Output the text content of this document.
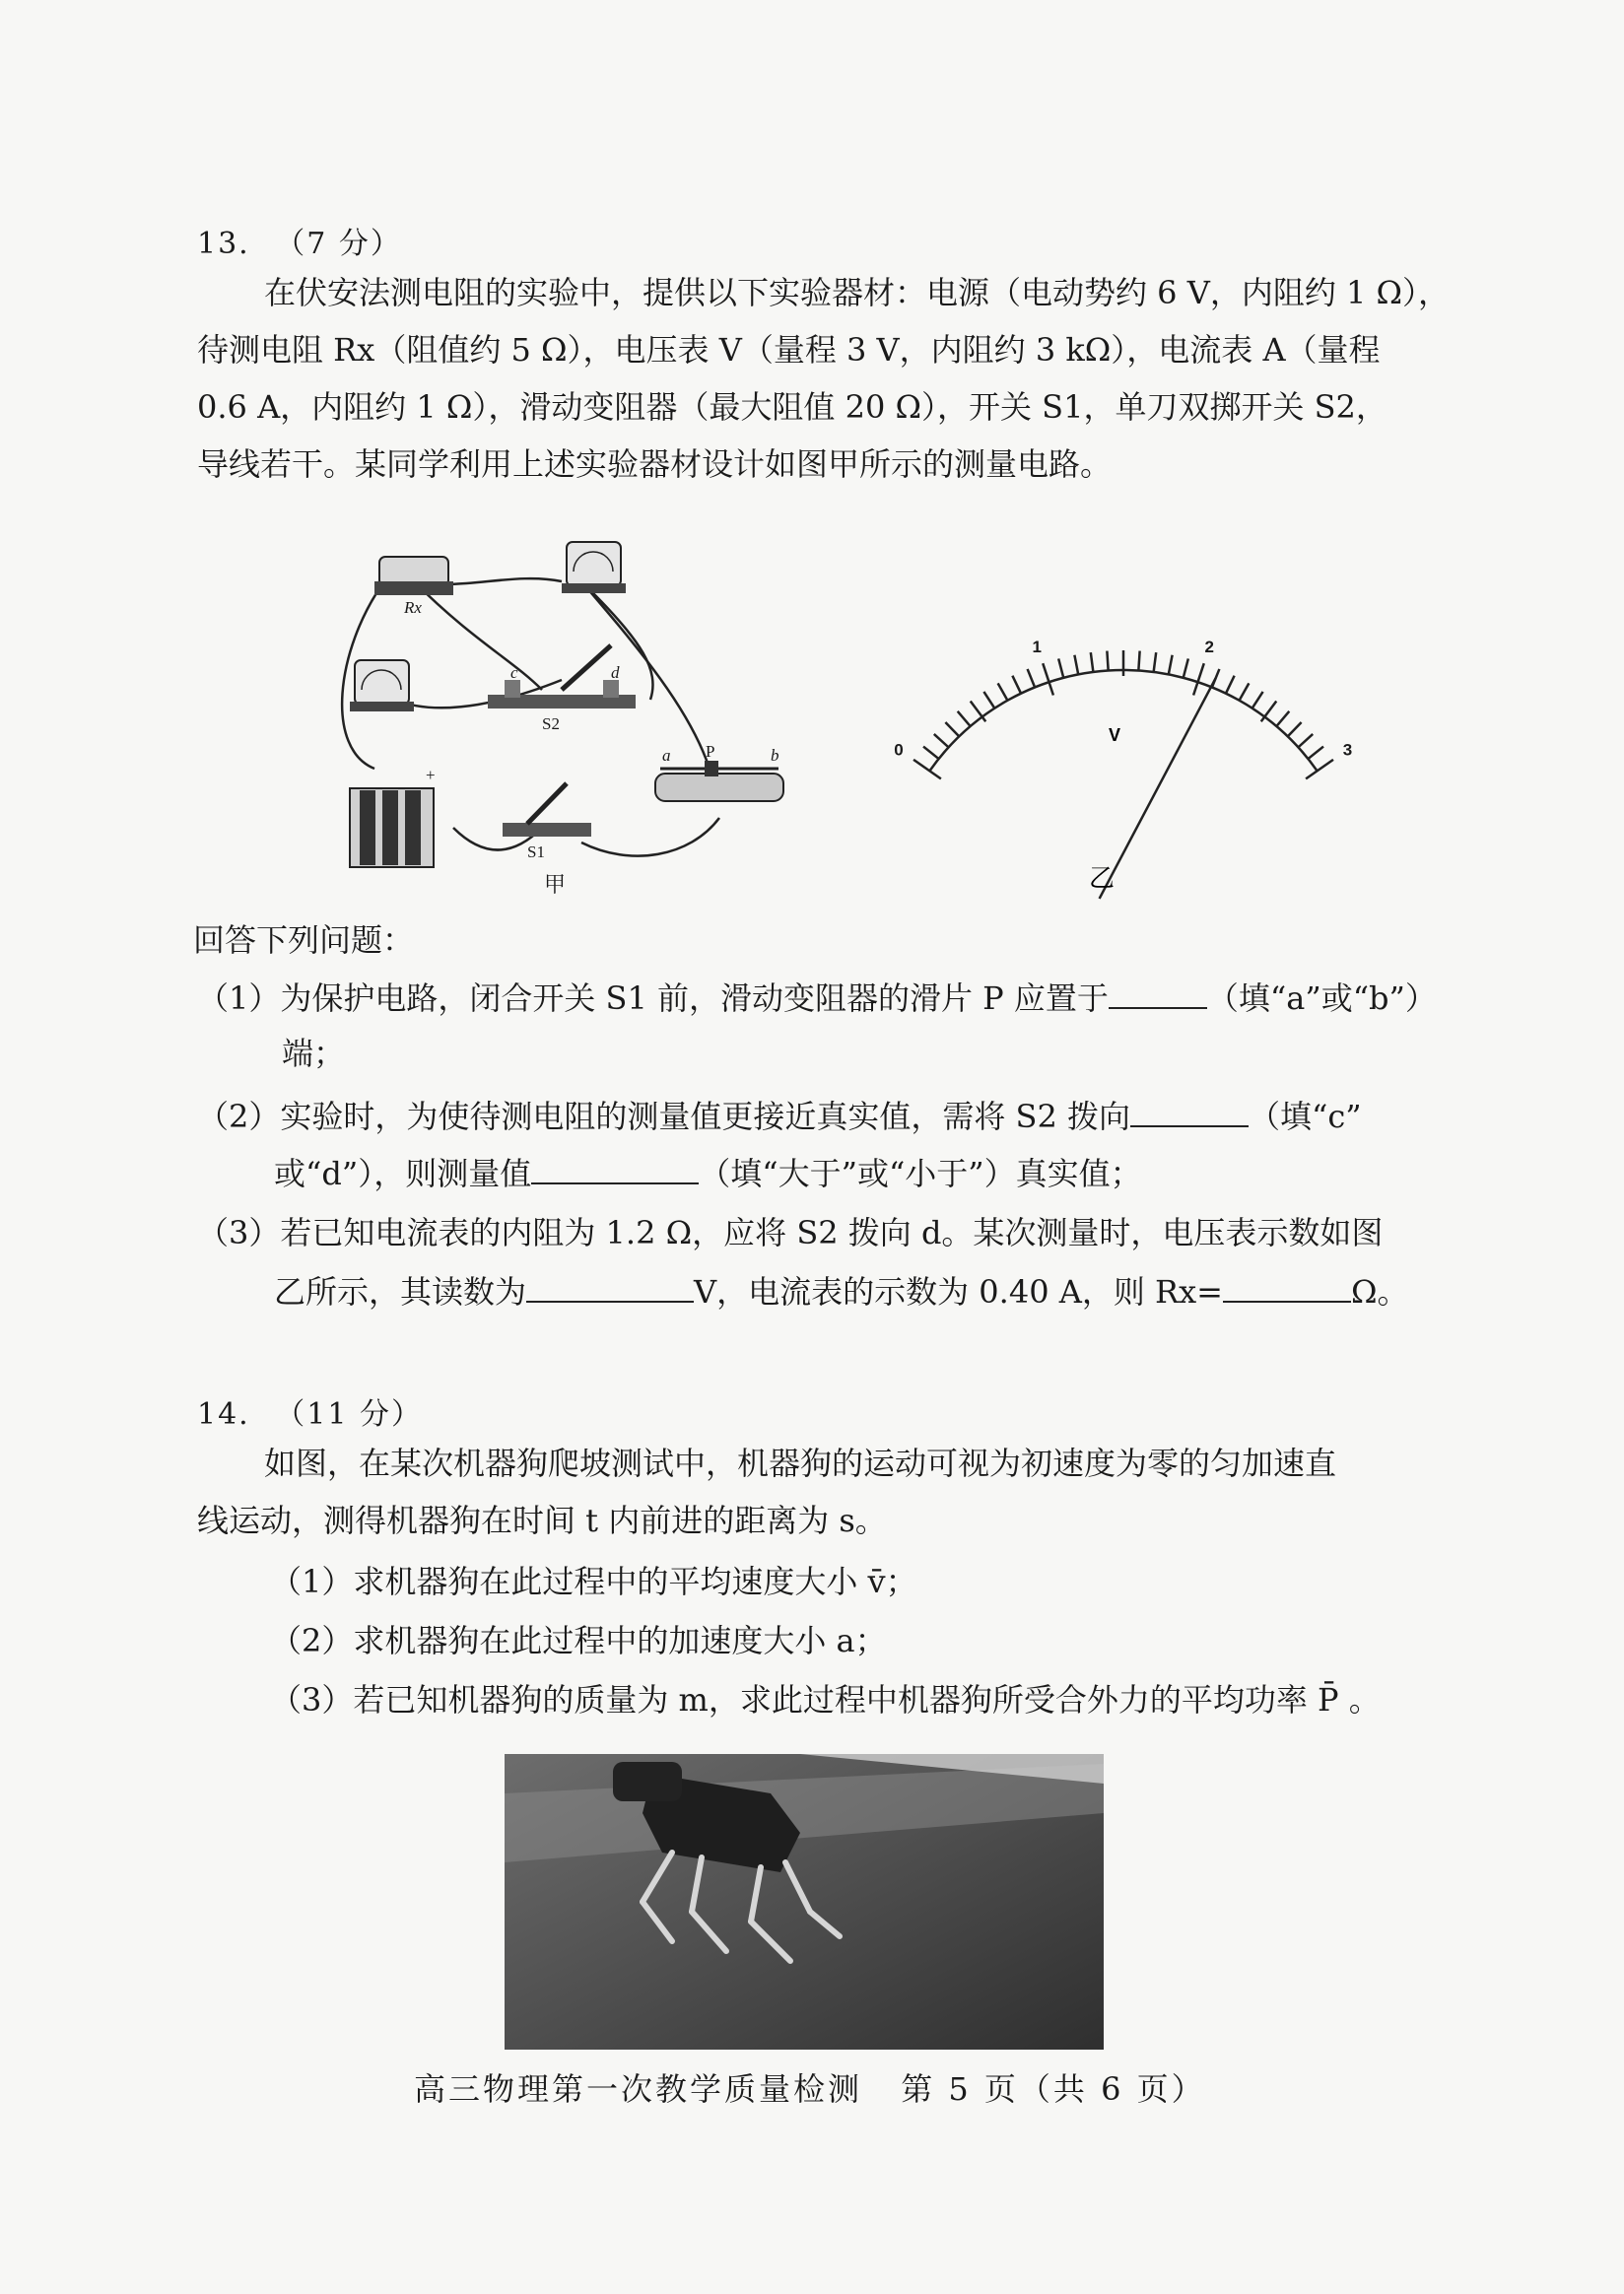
13. （7 分）
在伏安法测电阻的实验中，提供以下实验器材：电源（电动势约 6 V，内阻约 1 Ω），
待测电阻 Rx（阻值约 5 Ω），电压表 V（量程 3 V，内阻约 3 kΩ），电流表 A（量程
0.6 A，内阻约 1 Ω），滑动变阻器（最大阻值 20 Ω），开关 S1，单刀双掷开关 S2，
导线若干。某同学利用上述实验器材设计如图甲所示的测量电路。
Rx
c	d
S2
a P	b
+
S1
甲
0
1	2
3
V
乙
回答下列问题：
（1）为保护电路，闭合开关 S1 前，滑动变阻器的滑片 P 应置于	（填“a”或“b”）
端；
（2）实验时，为使待测电阻的测量值更接近真实值，需将 S2 拨向	（填“c”
或“d”），则测量值	（填“大于”或“小于”）真实值；
（3）若已知电流表的内阻为 1.2 Ω，应将 S2 拨向 d。某次测量时，电压表示数如图
乙所示，其读数为	V，电流表的示数为 0.40 A，则 Rx=	Ω。
14. （11 分）
如图，在某次机器狗爬坡测试中，机器狗的运动可视为初速度为零的匀加速直
线运动，测得机器狗在时间 t 内前进的距离为 s。
（1）求机器狗在此过程中的平均速度大小 v̄；
（2）求机器狗在此过程中的加速度大小 a；
（3）若已知机器狗的质量为 m，求此过程中机器狗所受合外力的平均功率 P̄ 。
高三物理第一次教学质量检测 第 5 页（共 6 页）
